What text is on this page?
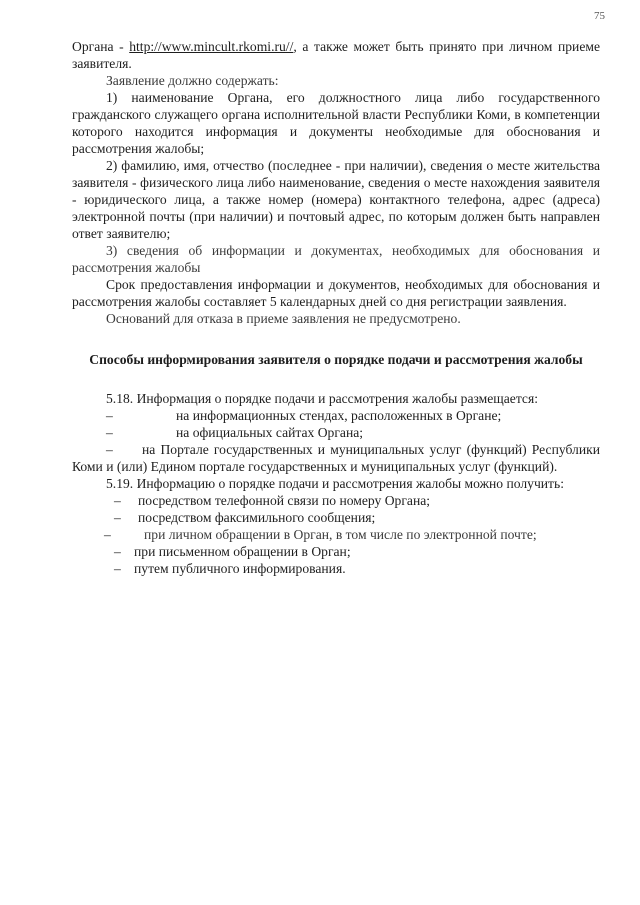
75

Органа - http://www.mincult.rkomi.ru//, а также может быть принято при личном приеме заявителя.

Заявление должно содержать:

1) наименование Органа, его должностного лица либо государственного гражданского служащего органа исполнительной власти Республики Коми, в компетенции которого находится информация и документы необходимые для обоснования и рассмотрения жалобы;

2) фамилию, имя, отчество (последнее - при наличии), сведения о месте жительства заявителя - физического лица либо наименование, сведения о месте нахождения заявителя - юридического лица, а также номер (номера) контактного телефона, адрес (адреса) электронной почты (при наличии) и почтовый адрес, по которым должен быть направлен ответ заявителю;

3) сведения об информации и документах, необходимых для обоснования и рассмотрения жалобы

Срок предоставления информации и документов, необходимых для обоснования и рассмотрения жалобы составляет 5 календарных дней со дня регистрации заявления.

Оснований для отказа в приеме заявления не предусмотрено.

Способы информирования заявителя о порядке подачи и рассмотрения жалобы

5.18. Информация о порядке подачи и рассмотрения жалобы размещается:

–	на информационных стендах, расположенных в Органе;
–	на официальных сайтах Органа;

– на Портале государственных и муниципальных услуг (функций) Республики Коми и (или) Едином портале государственных и муниципальных услуг (функций).

5.19. Информацию о порядке подачи и рассмотрения жалобы можно получить:

–	посредством телефонной связи по номеру Органа;
–	посредством факсимильного сообщения;
–	при личном обращении в Орган, в том числе по электронной почте;
– при письменном обращении в Орган;
– путем публичного информирования.
